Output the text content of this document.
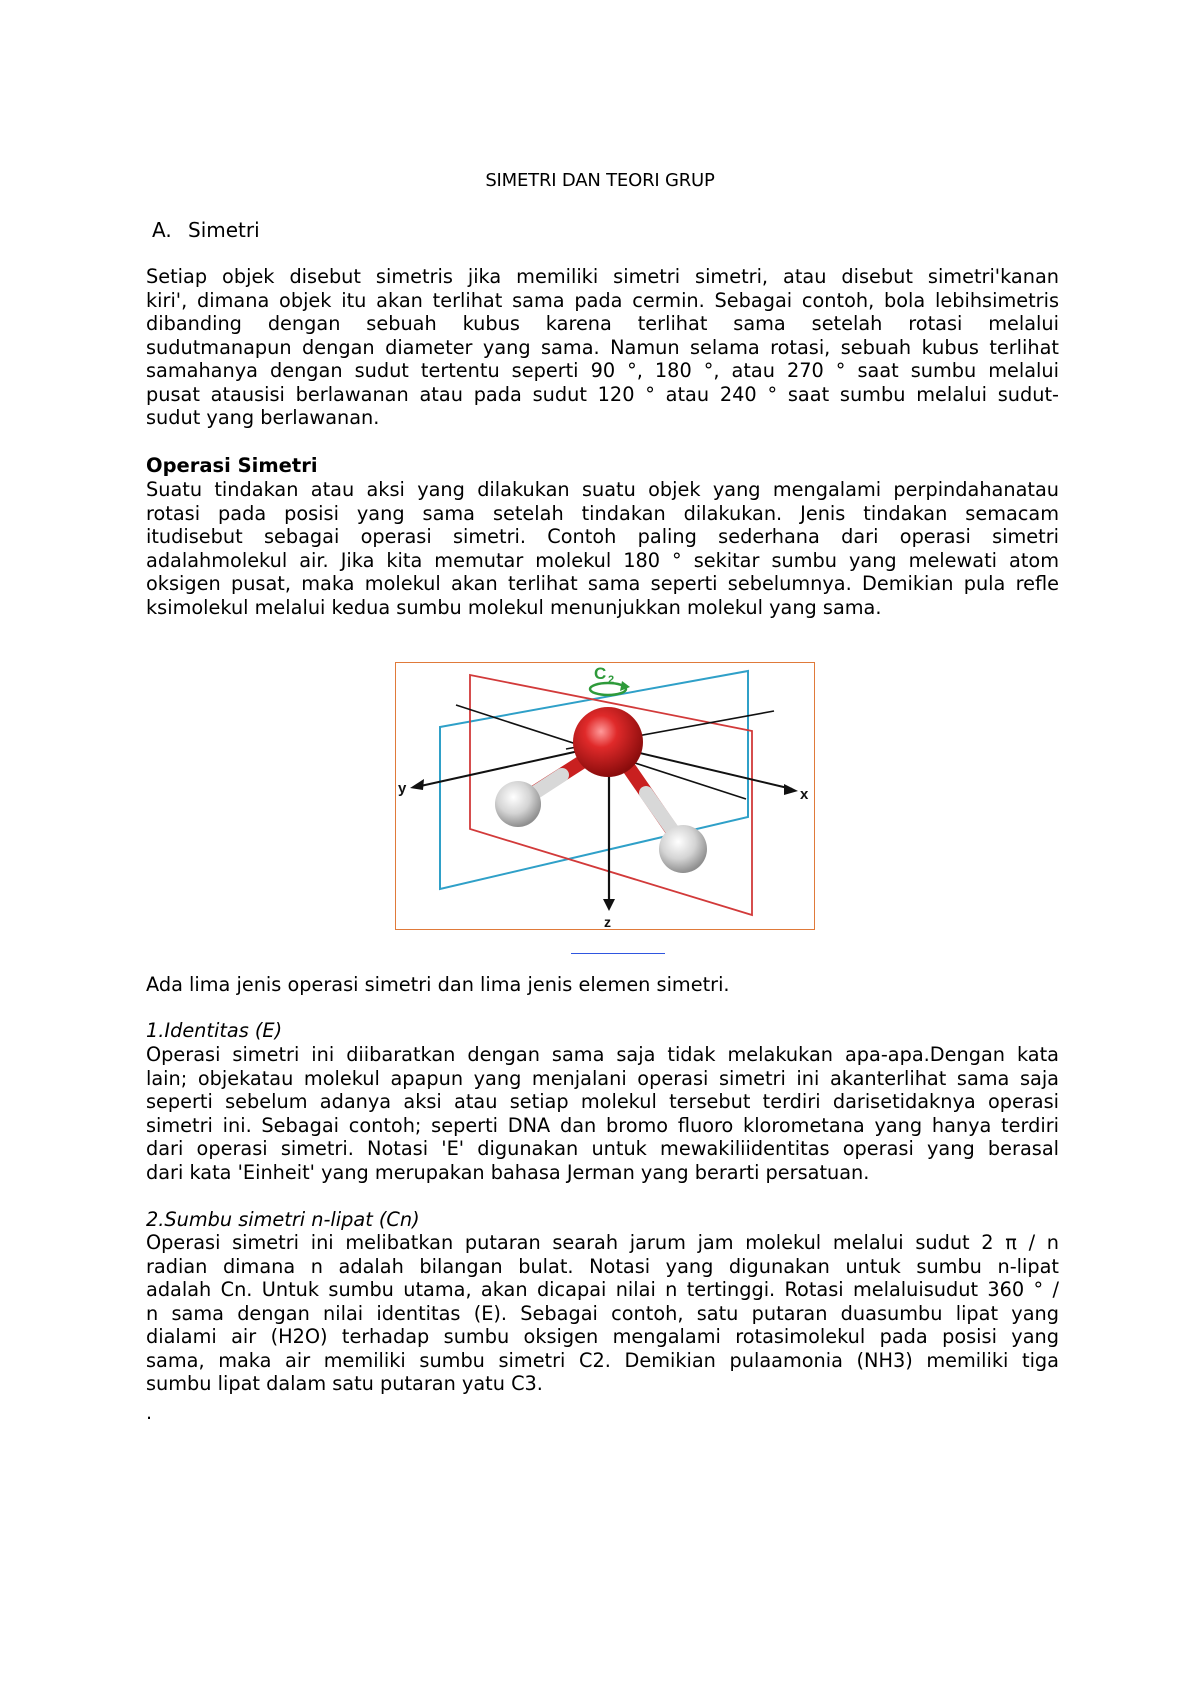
SIMETRI DAN TEORI GRUP
A. Simetri
Setiap objek disebut simetris jika memiliki simetri simetri, atau disebut simetri'kanan
kiri', dimana objek itu akan terlihat sama pada cermin. Sebagai contoh, bola lebihsimetris
dibanding dengan sebuah kubus karena terlihat sama setelah rotasi melalui
sudutmanapun dengan diameter yang sama. Namun selama rotasi, sebuah kubus terlihat
samahanya dengan sudut tertentu seperti 90 °, 180 °, atau 270 ° saat sumbu melalui
pusat atausisi berlawanan atau pada sudut 120 ° atau 240 ° saat sumbu melalui sudut-
sudut yang berlawanan.
Operasi Simetri
Suatu tindakan atau aksi yang dilakukan suatu objek yang mengalami perpindahanatau
rotasi pada posisi yang sama setelah tindakan dilakukan. Jenis tindakan semacam
itudisebut sebagai operasi simetri. Contoh paling sederhana dari operasi simetri
adalahmolekul air. Jika kita memutar molekul 180 ° sekitar sumbu yang melewati atom
oksigen pusat, maka molekul akan terlihat sama seperti sebelumnya. Demikian pula refle
ksimolekul melalui kedua sumbu molekul menunjukkan molekul yang sama.
C 2
y	x
z
Ada lima jenis operasi simetri dan lima jenis elemen simetri.
1.Identitas (E)
Operasi simetri ini diibaratkan dengan sama saja tidak melakukan apa-apa.Dengan kata
lain; objekatau molekul apapun yang menjalani operasi simetri ini akanterlihat sama saja
seperti sebelum adanya aksi atau setiap molekul tersebut terdiri darisetidaknya operasi
simetri ini. Sebagai contoh; seperti DNA dan bromo fluoro klorometana yang hanya terdiri
dari operasi simetri. Notasi 'E' digunakan untuk mewakiliidentitas operasi yang berasal
dari kata 'Einheit' yang merupakan bahasa Jerman yang berarti persatuan.
2.Sumbu simetri n-lipat (Cn)
Operasi simetri ini melibatkan putaran searah jarum jam molekul melalui sudut 2 π / n
radian dimana n adalah bilangan bulat. Notasi yang digunakan untuk sumbu n-lipat
adalah Cn. Untuk sumbu utama, akan dicapai nilai n tertinggi. Rotasi melaluisudut 360 ° /
n sama dengan nilai identitas (E). Sebagai contoh, satu putaran duasumbu lipat yang
dialami air (H2O) terhadap sumbu oksigen mengalami rotasimolekul pada posisi yang
sama, maka air memiliki sumbu simetri C2. Demikian pulaamonia (NH3) memiliki tiga
sumbu lipat dalam satu putaran yatu C3.
.
